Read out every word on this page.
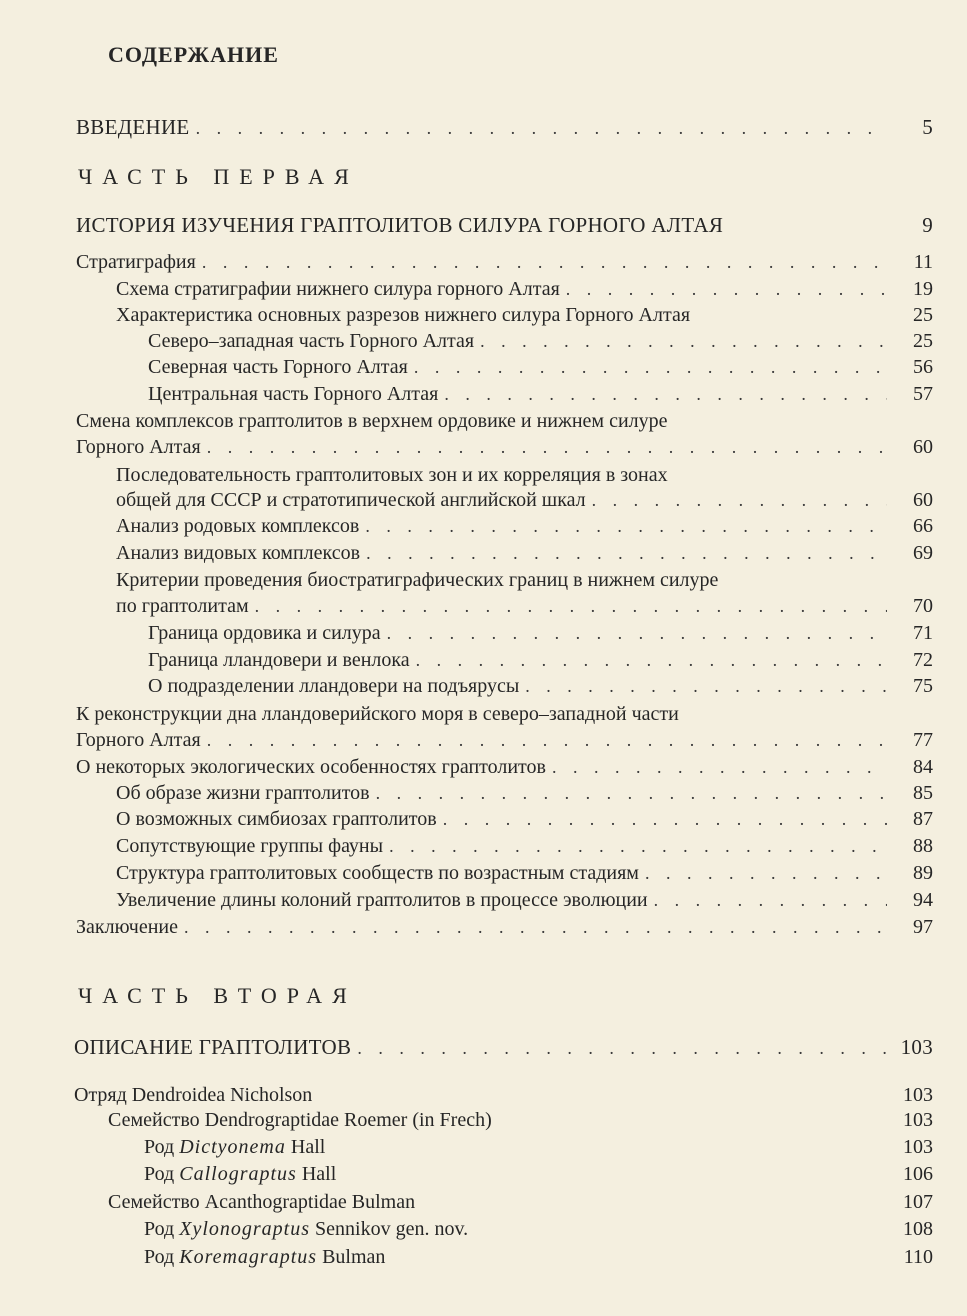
СОДЕРЖАНИЕ
ВВЕДЕНИЕ . . .	5
ЧАСТЬ ПЕРВАЯ
ИСТОРИЯ ИЗУЧЕНИЯ ГРАПТОЛИТОВ СИЛУРА ГОРНОГО АЛТАЯ	9
Стратиграфия . . .	11
Схема стратиграфии нижнего силура горного Алтая . . .	19
Характеристика основных разрезов нижнего силура Горного Алтая	25
Северо–западная часть Горного Алтая . . .	25
Северная часть Горного Алтая . . .	56
Центральная часть Горного Алтая . . .	57
Смена комплексов граптолитов в верхнем ордовике и нижнем силуре
Горного Алтая . . .	60
Последовательность граптолитовых зон и их корреляция в зонах
общей для СССР и стратотипической английской шкал . . .	60
Анализ родовых комплексов . . .	66
Анализ видовых комплексов . . .	69
Критерии проведения биостратиграфических границ в нижнем силуре
по граптолитам . . .	70
Граница ордовика и силура . . .	71
Граница лландовери и венлока . . .	72
О подразделении лландовери на подъярусы . . .	75
К реконструкции дна лландоверийского моря в северо–западной части
Горного Алтая . . .	77
О некоторых экологических особенностях граптолитов . . .	84
Об образе жизни граптолитов . . .	85
О возможных симбиозах граптолитов . . .	87
Сопутствующие группы фауны . . .	88
Структура граптолитовых сообществ по возрастным стадиям . . .	89
Увеличение длины колоний граптолитов в процессе эволюции . . .	94
Заключение . . .	97
ЧАСТЬ ВТОРАЯ
ОПИСАНИЕ ГРАПТОЛИТОВ . . .	103
Отряд Dendroidea Nicholson	103
Семейство Dendrograptidae Roemer (in Frech)	103
Род Dictyonema Hall	103
Род Callograptus Hall	106
Семейство Acanthograptidae Bulman	107
Род Xylonograptus Sennikov gen. nov.	108
Род Koremagraptus Bulman	110
